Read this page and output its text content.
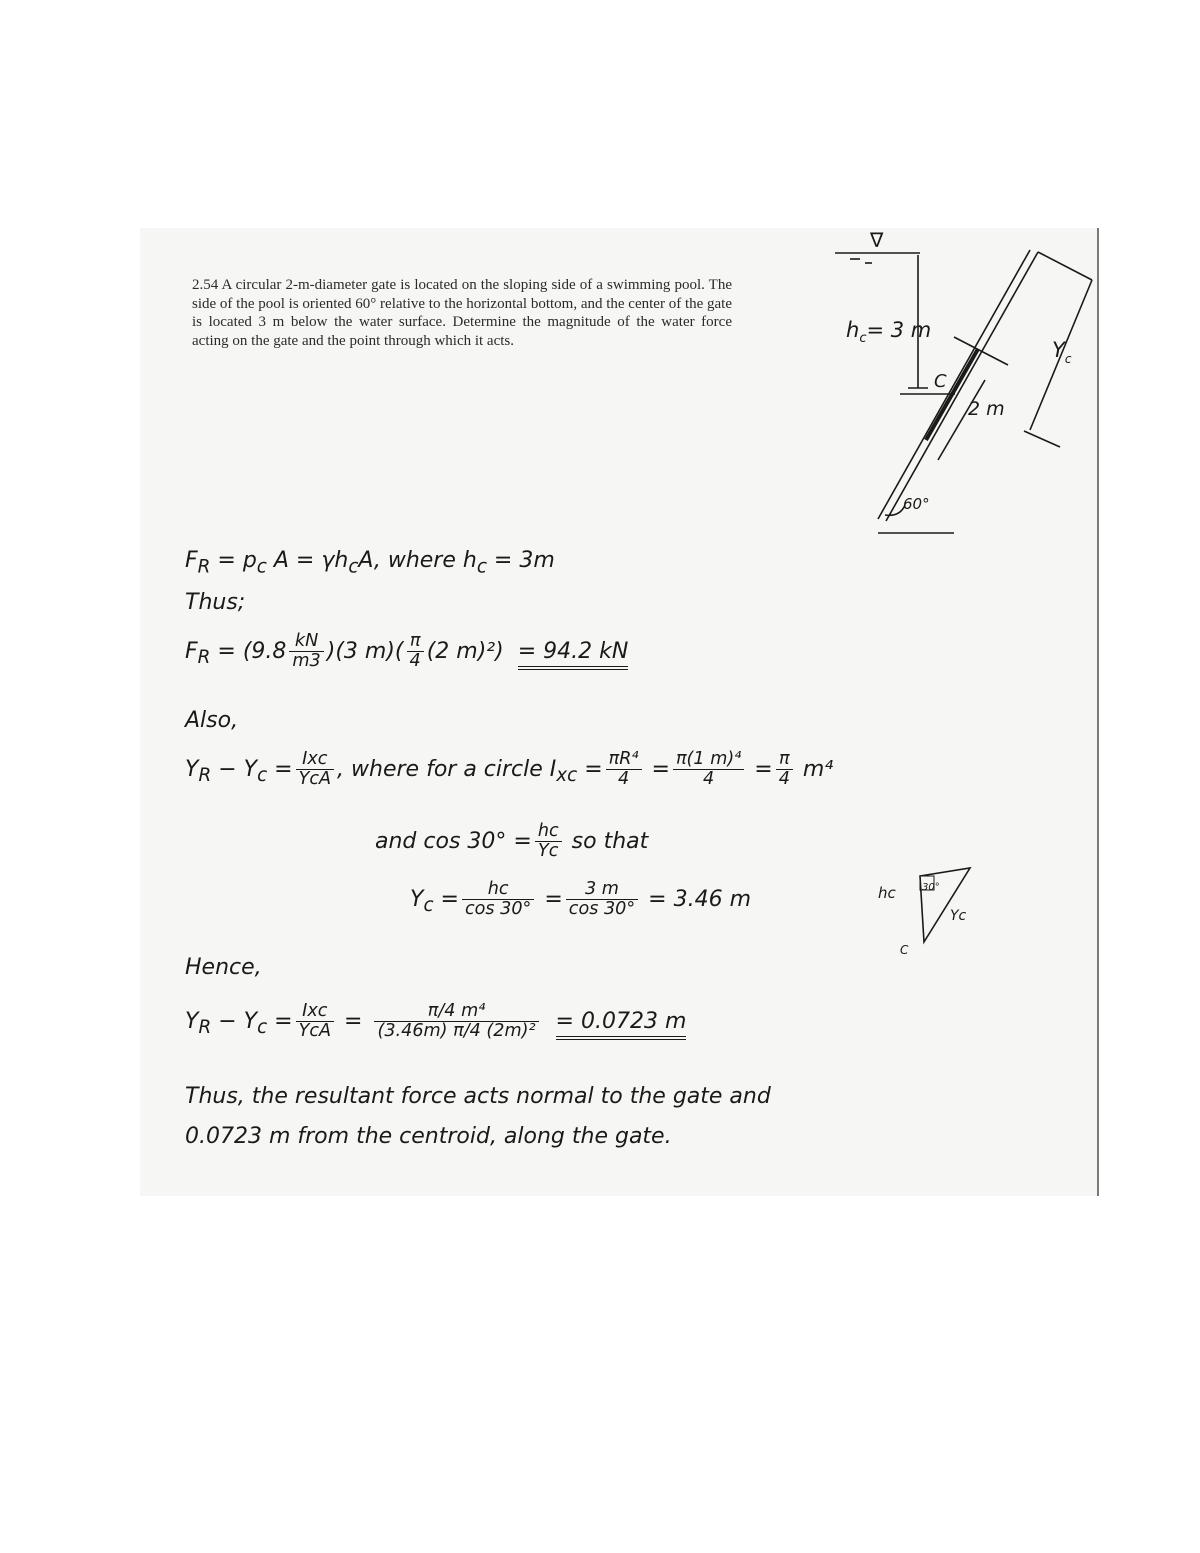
2.54 A circular 2-m-diameter gate is located on the sloping side of a swimming pool. The side of the pool is oriented 60° relative to the horizontal bottom, and the center of the gate is located 3 m below the water surface. Determine the magnitude of the water force acting on the gate and the point through which it acts.
∇
$h_c= 3$ m
C
$Y_c$
2 m
60°
$F_R = p_c$ $A = \gamma h_cA$, where $h_c = 3m$
Thus;
$F_R = (9.8 \frac{kN}{m3} )(3$ $m)( \frac{\pi}{4} (2$ m)²) = 94.2 kN
Also,
$Y_R - Y_c = \frac{\text{Ixc}}{\text{YcA}}$ , where for a circle $I_{xc} = \frac{\text{πR⁴}}{4} = \frac{\text{π(1 m)⁴}}{4} = \frac{\pi}{4} m^4$
and $\cos 30^\circ = \frac{hc}{Yc}$ so that
$Y_c = \frac{hc}{\cos 30^\circ} = \frac{3 m}{\cos 30^\circ} = 3.46$ m	hc	30°
Yc
C
Hence,
$Y_R - Y_c = \frac{\text{Ixc}}{\text{YcA}} = \frac{\text{π/4 m⁴}}{\text{(3.46m) π/4 (2m)²}} = 0.0723$ m
Thus, the resultant force acts normal to the gate and
0.0723 m from the centroid, along the gate.
